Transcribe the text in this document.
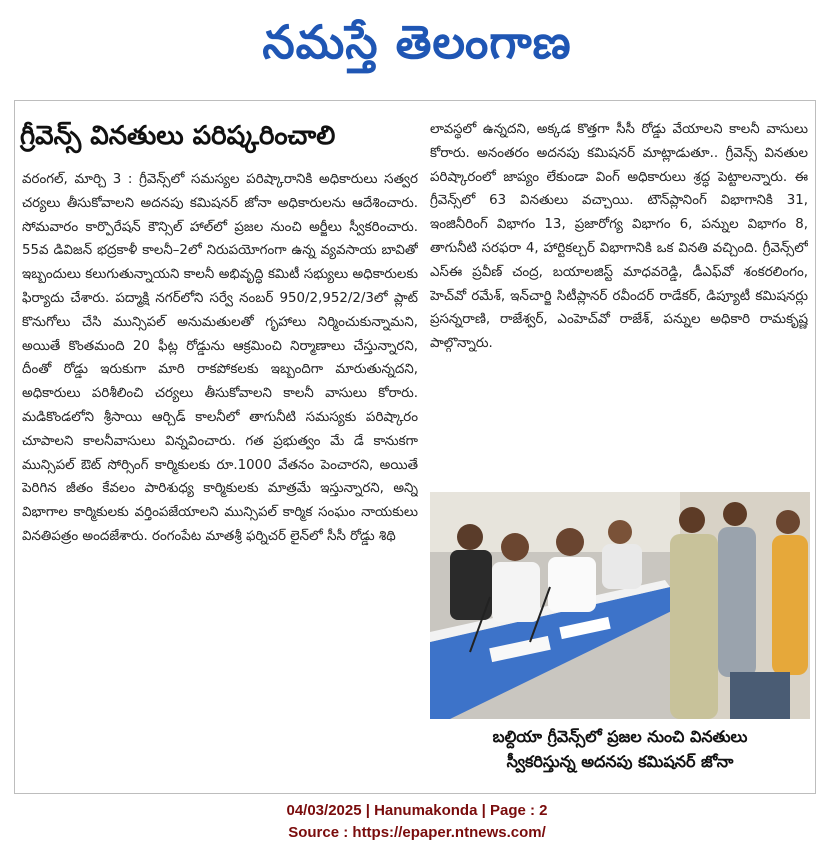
నమస్తే తెలంగాణ
గ్రీవెన్స్ వినతులు పరిష్కరించాలి

వరంగల్, మార్చి 3 : గ్రీవెన్స్‌లో సమస్యల పరిష్కారానికి అధికారులు సత్వర చర్యలు తీసుకోవాలని అదనపు కమిషనర్ జోనా అధికారులను ఆదేశించారు. సోమవారం కార్పొరేషన్ కౌన్సిల్ హాల్‌లో ప్రజల నుంచి అర్జీలు స్వీకరించారు. 55వ డివిజన్ భద్రకాళీ కాలనీ–2లో నిరుపయోగంగా ఉన్న వ్యవసాయ బావితో ఇబ్బందులు కలుగుతున్నాయని కాలనీ అభివృద్ధి కమిటీ సభ్యులు అధికారులకు ఫిర్యాదు చేశారు. పద్మాక్షి నగర్‌లోని సర్వే నంబర్ 950/2,952/2/3లో ప్లాట్ కొనుగోలు చేసి మున్సిపల్ అనుమతులతో గృహాలు నిర్మించుకున్నామని, అయితే కొంతమంది 20 ఫీట్ల రోడ్డును ఆక్రమించి నిర్మాణాలు చేస్తున్నారని, దీంతో రోడ్డు ఇరుకుగా మారి రాకపోకలకు ఇబ్బందిగా మారుతున్నదని, అధికారులు పరిశీలించి చర్యలు తీసుకోవాలని కాలనీ వాసులు కోరారు. మడికొండలోని శ్రీసాయి ఆర్చిడ్ కాలనీలో తాగునీటి సమస్యకు పరిష్కారం చూపాలని కాలనీవాసులు విన్నవించారు. గత ప్రభుత్వం మే డే కానుకగా మున్సిపల్ ఔట్ సోర్సింగ్ కార్మికులకు రూ.1000 వేతనం పెంచారని, అయితే పెరిగిన జీతం కేవలం పారిశుధ్య కార్మికులకు మాత్రమే ఇస్తున్నారని, అన్ని విభాగాల కార్మికులకు వర్తింపజేయాలని మున్సిపల్ కార్మిక సంఘం నాయకులు వినతిపత్రం అందజేశారు. రంగంపేట మాతశ్రీ ఫర్నిచర్ లైన్‌లో సీసీ రోడ్డు శిథి

లావస్థలో ఉన్నదని, అక్కడ కొత్తగా సీసీ రోడ్డు వేయాలని కాలనీ వాసులు కోరారు. అనంతరం అదనపు కమిషనర్ మాట్లాడుతూ.. గ్రీవెన్స్ వినతుల పరిష్కారంలో జాప్యం లేకుండా వింగ్ అధికారులు శ్రద్ధ పెట్టాలన్నారు. ఈ గ్రీవెన్స్‌లో 63 వినతులు వచ్చాయి. టౌన్‌ప్లానింగ్ విభాగానికి 31, ఇంజినీరింగ్ విభాగం 13, ప్రజారోగ్య విభాగం 6, పన్నుల విభాగం 8, తాగునీటి సరఫరా 4, హార్టికల్చర్ విభాగానికి ఒక వినతి వచ్చింది. గ్రీవెన్స్‌లో ఎస్ఈ ప్రవీణ్ చంద్ర, బయాలజిస్ట్ మాధవరెడ్డి, డీఎఫ్‌వో శంకరలింగం, హెచ్‌వో రమేశ్, ఇన్‌చార్జి సిటీప్లానర్ రవీందర్ రాడేకర్, డిప్యూటీ కమిషనర్లు ప్రసన్నరాణి, రాజేశ్వర్, ఎంహెచ్‌వో రాజేశ్, పన్నుల అధికారి రామకృష్ణ పాల్గొన్నారు.

బల్దియా గ్రీవెన్స్‌లో ప్రజల నుంచి వినతులు
స్వీకరిస్తున్న అదనపు కమిషనర్ జోనా
04/03/2025 | Hanumakonda | Page : 2
Source : https://epaper.ntnews.com/
